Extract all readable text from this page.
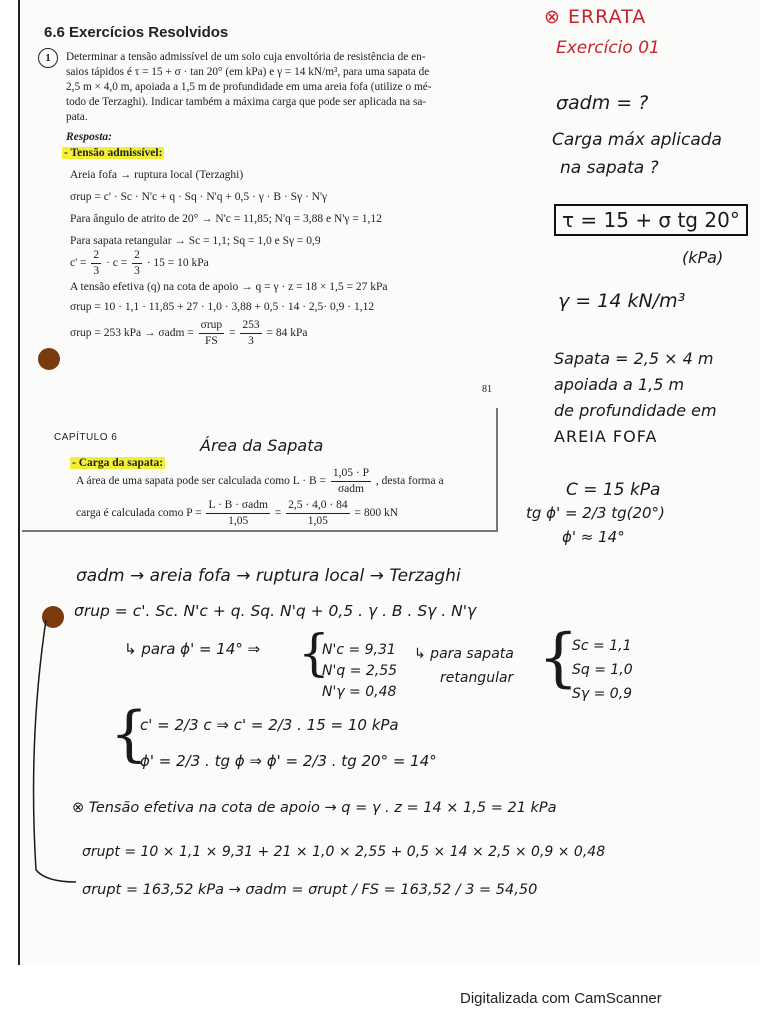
6.6 Exercícios Resolvidos
1	Determinar a tensão admissível de um solo cuja envoltória de resistência de en-
saios tápidos é τ = 15 + σ · tan 20° (em kPa) e γ = 14 kN/m³, para uma sapata de
2,5 m × 4,0 m, apoiada a 1,5 m de profundidade em uma areia fofa (utilize o mé-
todo de Terzaghi). Indicar também a máxima carga que pode ser aplicada na sa-
pata.
Resposta:
- Tensão admissível:
Areia fofa → ruptura local (Terzaghi)
σrup = c' · Sc · N'c + q · Sq · N'q + 0,5 · γ · B · Sγ · N'γ
Para ângulo de atrito de 20° → N'c = 11,85; N'q = 3,88 e N'γ = 1,12
Para sapata retangular → Sc = 1,1; Sq = 1,0 e Sγ = 0,9
$c' = \frac{2}{3} \cdot c = \frac{2}{3} \cdot 15 = 10$ kPa
A tensão efetiva (q) na cota de apoio → q = γ · z = 18 × 1,5 = 27 kPa
σrup = 10 · 1,1 · 11,85 + 27 · 1,0 · 3,88 + 0,5 · 14 · 2,5· 0,9 · 1,12
σrup = 253 kPa → $\sigma adm = \frac{\text{σrup}}{FS} = \frac{253}{3} = 84$ kPa
81
CAPÍTULO 6
- Carga da sapata:
A área de uma sapata pode ser calculada como $L \cdot B = \frac{1,05 \cdot P}{\text{σadm}}$ , desta forma a
carga é calculada como $P = \frac{\text{L · B · σadm}}{1,05} = \frac{2,5 \cdot 4,0 \cdot 84}{1,05} = 800$ kN
⊗ ERRATA
Exercício 01
σadm = ?
Carga máx aplicada
na sapata ?
τ = 15 + σ tg 20°
(kPa)
γ = 14 kN/m³
Sapata = 2,5 × 4 m
apoiada a 1,5 m
de profundidade em
AREIA FOFA
Área da Sapata
C = 15 kPa
tg ϕ' = 2/3 tg(20°)
ϕ' ≈ 14°
σadm → areia fofa → ruptura local → Terzaghi
σrup = c'. Sc. N'c + q. Sq. N'q + 0,5 . γ . B . Sγ . N'γ
↳ para ϕ' = 14° ⇒ {
N'c = 9,31
N'q = 2,55
N'γ = 0,48
↳ para sapata
retangular {
Sc = 1,1
Sq = 1,0
Sγ = 0,9
{
c' = 2/3 c ⇒ c' = 2/3 . 15 = 10 kPa
ϕ' = 2/3 . tg ϕ ⇒ ϕ' = 2/3 . tg 20° = 14°
⊗ Tensão efetiva na cota de apoio → q = γ . z = 14 × 1,5 = 21 kPa
σrupt = 10 × 1,1 × 9,31 + 21 × 1,0 × 2,55 + 0,5 × 14 × 2,5 × 0,9 × 0,48
σrupt = 163,52 kPa → σadm = σrupt / FS = 163,52 / 3 = 54,50
Digitalizada com CamScanner
